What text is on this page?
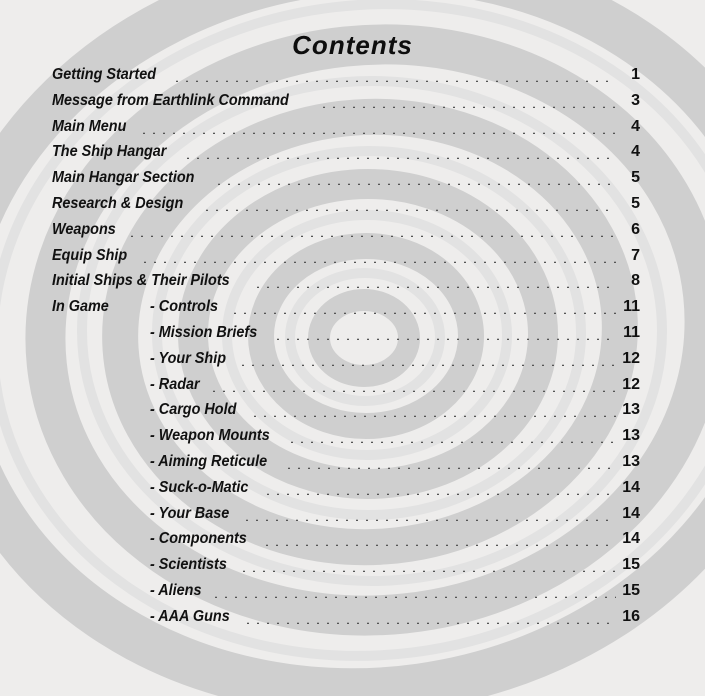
Contents
Getting Started	1
Message from Earthlink Command	3
Main Menu	4
The Ship Hangar	4
Main Hangar Section	5
Research & Design	5
Weapons	6
Equip Ship	7
Initial Ships & Their Pilots	8
In Game	- Controls	11
- Mission Briefs	11
- Your Ship	12
- Radar	12
- Cargo Hold	13
- Weapon Mounts	13
- Aiming Reticule	13
- Suck-o-Matic	14
- Your Base	14
- Components	14
- Scientists	15
- Aliens	15
- AAA Guns	16
